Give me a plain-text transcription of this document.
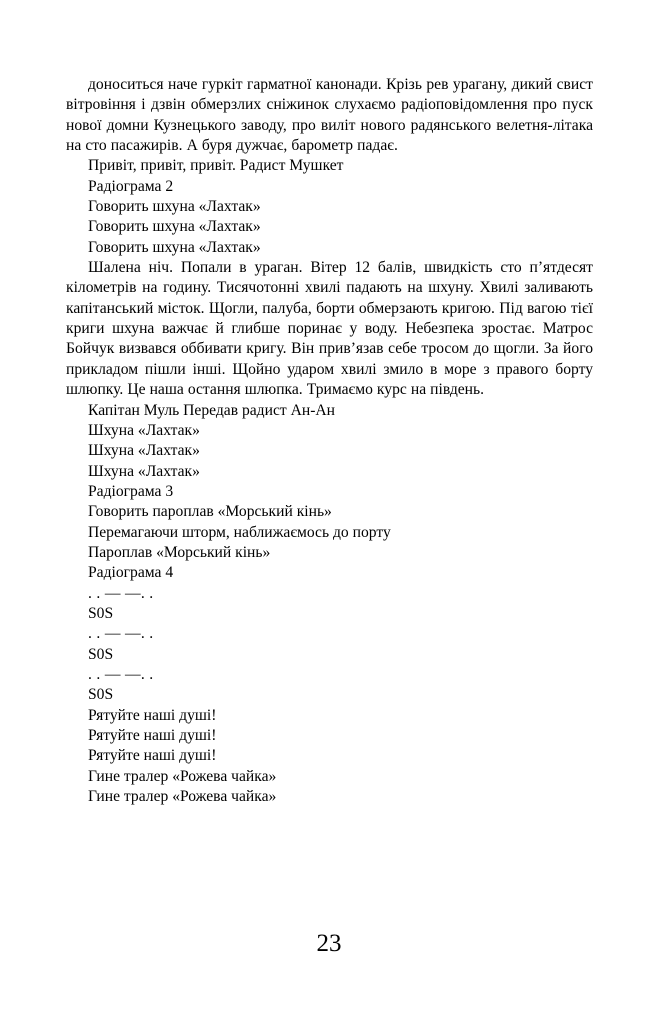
доноситься наче гуркіт гарматної канонади. Крізь рев урагану, дикий свист вітровіння і дзвін обмерзлих сніжинок слухаємо радіоповідомлення про пуск нової домни Кузнецького заводу, про виліт нового радянського велетня-літака на сто пасажирів. А буря дужчає, барометр падає.

Привіт, привіт, привіт. Радист Мушкет

Радіограма 2

Говорить шхуна «Лахтак»

Говорить шхуна «Лахтак»

Говорить шхуна «Лахтак»

Шалена ніч. Попали в ураган. Вітер 12 балів, швидкість сто п’ятдесят кілометрів на годину. Тисячотонні хвилі падають на шхуну. Хвилі заливають капітанський місток. Щогли, палуба, борти обмерзають кригою. Під вагою тієї криги шхуна важчає й глибше поринає у воду. Небезпека зростає. Матрос Бойчук визвався оббивати кригу. Він прив’язав себе тросом до щогли. За його прикладом пішли інші. Щойно ударом хвилі змило в море з правого борту шлюпку. Це наша остання шлюпка. Тримаємо курс на південь.

Капітан Муль Передав радист Ан-Ан

Шхуна «Лахтак»

Шхуна «Лахтак»

Шхуна «Лахтак»

Радіограма 3

Говорить пароплав «Морський кінь»

Перемагаючи шторм, наближаємось до порту

Пароплав «Морський кінь»

Радіограма 4

. . — —. .

S0S

. . — —. .

S0S

. . — —. .

S0S

Рятуйте наші душі!

Рятуйте наші душі!

Рятуйте наші душі!

Гине тралер «Рожева чайка»

Гине тралер «Рожева чайка»

23
